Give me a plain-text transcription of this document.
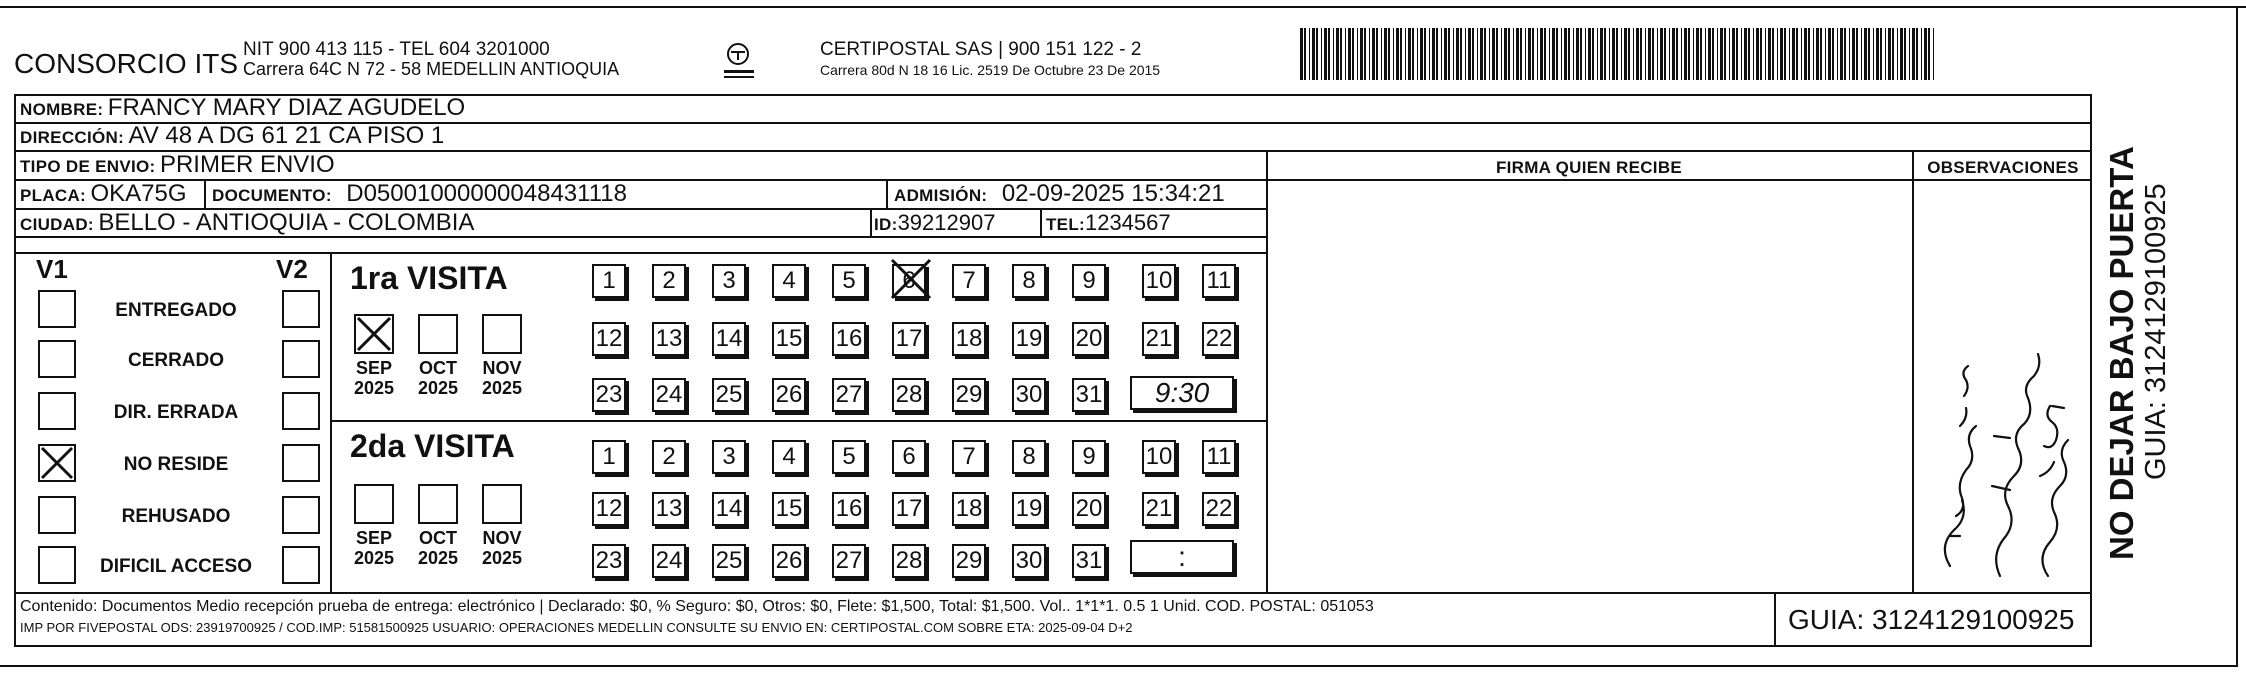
CONSORCIO ITS NIT 900 413 115 - TEL 604 3201000
Carrera 64C N 72 - 58 MEDELLIN ANTIOQUIA
CERTIPOSTAL SAS | 900 151 122 - 2
Carrera 80d N 18 16 Lic. 2519 De Octubre 23 De 2015
NOMBRE: FRANCY MARY DIAZ AGUDELO
DIRECCIÓN: AV 48 A DG 61 21 CA PISO 1
TIPO DE ENVIO: PRIMER ENVIO	FIRMA QUIEN RECIBE	OBSERVACIONES
PLACA: OKA75G DOCUMENTO: D05001000000048431118	ADMISIÓN: 02-09-2025 15:34:21
CIUDAD: BELLO - ANTIOQUIA - COLOMBIA	ID:39212907	TEL:1234567
V1	V2
ENTREGADO
CERRADO
DIR. ERRADA
NO RESIDE
REHUSADO
DIFICIL ACCESO
1ra VISITA
2da VISITA
1	2	3	4	5	6	7	8	9	10 11
12 13 14 15 16 17 18 19 20 21 22
23 24 25 26 27 28 29 30 31
1	2	3	4	5	6	7	8	9	10 11
12 13 14 15 16 17 18 19 20 21 22
23 24 25 26 27 28 29 30 31
9:30
:
SEP
2025
OCT
2025
NOV
2025
SEP
2025
OCT
2025
NOV
2025	NO DEJAR BAJO PUERTA GUIA: 3124129100925
Contenido: Documentos Medio recepción prueba de entrega: electrónico | Declarado: $0, % Seguro: $0, Otros: $0, Flete: $1,500, Total: $1,500. Vol.. 1*1*1. 0.5 1 Unid. COD. POSTAL: 051053
IMP POR FIVEPOSTAL ODS: 23919700925 / COD.IMP: 51581500925 USUARIO: OPERACIONES MEDELLIN CONSULTE SU ENVIO EN: CERTIPOSTAL.COM SOBRE ETA: 2025-09-04 D+2	GUIA: 3124129100925
